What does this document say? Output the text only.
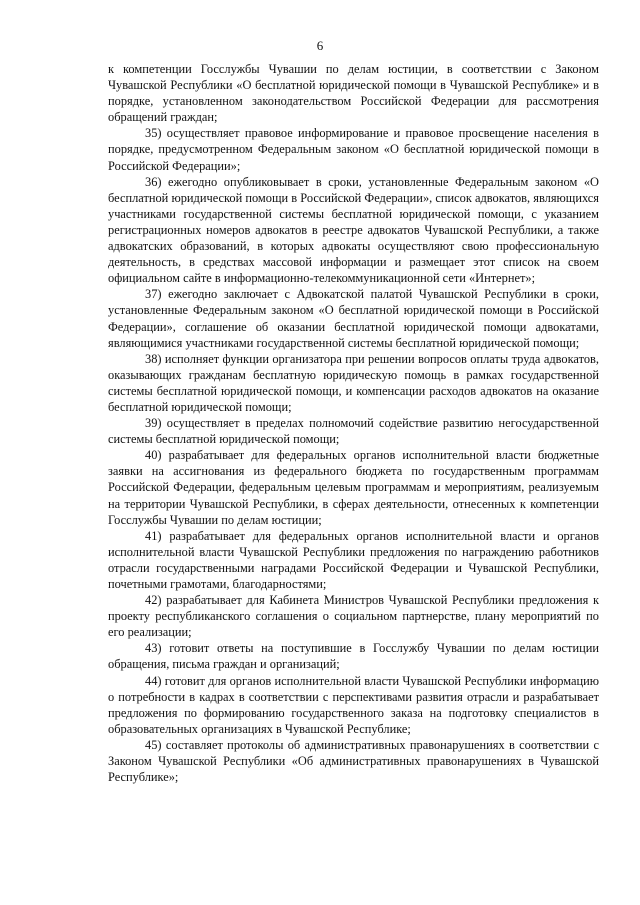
6

к компетенции Госслужбы Чувашии по делам юстиции, в соответствии с Законом Чувашской Республики «О бесплатной юридической помощи в Чувашской Республике» и в порядке, установленном законодательством Российской Федерации для рассмотрения обращений граждан;

35) осуществляет правовое информирование и правовое просвещение населения в порядке, предусмотренном Федеральным законом «О бесплатной юридической помощи в Российской Федерации»;

36) ежегодно опубликовывает в сроки, установленные Федеральным законом «О бесплатной юридической помощи в Российской Федерации», список адвокатов, являющихся участниками государственной системы бесплатной юридической помощи, с указанием регистрационных номеров адвокатов в реестре адвокатов Чувашской Республики, а также адвокатских образований, в которых адвокаты осуществляют свою профессиональную деятельность, в средствах массовой информации и размещает этот список на своем официальном сайте в информационно-телекоммуникационной сети «Интернет»;

37) ежегодно заключает с Адвокатской палатой Чувашской Республики в сроки, установленные Федеральным законом «О бесплатной юридической помощи в Российской Федерации», соглашение об оказании бесплатной юридической помощи адвокатами, являющимися участниками государственной системы бесплатной юридической помощи;

38) исполняет функции организатора при решении вопросов оплаты труда адвокатов, оказывающих гражданам бесплатную юридическую помощь в рамках государственной системы бесплатной юридической помощи, и компенсации расходов адвокатов на оказание бесплатной юридической помощи;

39) осуществляет в пределах полномочий содействие развитию негосударственной системы бесплатной юридической помощи;

40) разрабатывает для федеральных органов исполнительной власти бюджетные заявки на ассигнования из федерального бюджета по государственным программам Российской Федерации, федеральным целевым программам и мероприятиям, реализуемым на территории Чувашской Республики, в сферах деятельности, отнесенных к компетенции Госслужбы Чувашии по делам юстиции;

41) разрабатывает для федеральных органов исполнительной власти и органов исполнительной власти Чувашской Республики предложения по награждению работников отрасли государственными наградами Российской Федерации и Чувашской Республики, почетными грамотами, благодарностями;

42) разрабатывает для Кабинета Министров Чувашской Республики предложения к проекту республиканского соглашения о социальном партнерстве, плану мероприятий по его реализации;

43) готовит ответы на поступившие в Госслужбу Чувашии по делам юстиции обращения, письма граждан и организаций;

44) готовит для органов исполнительной власти Чувашской Республики информацию о потребности в кадрах в соответствии с перспективами развития отрасли и разрабатывает предложения по формированию государственного заказа на подготовку специалистов в образовательных организациях в Чувашской Республике;

45) составляет протоколы об административных правонарушениях в соответствии с Законом Чувашской Республики «Об административных правонарушениях в Чувашской Республике»;
